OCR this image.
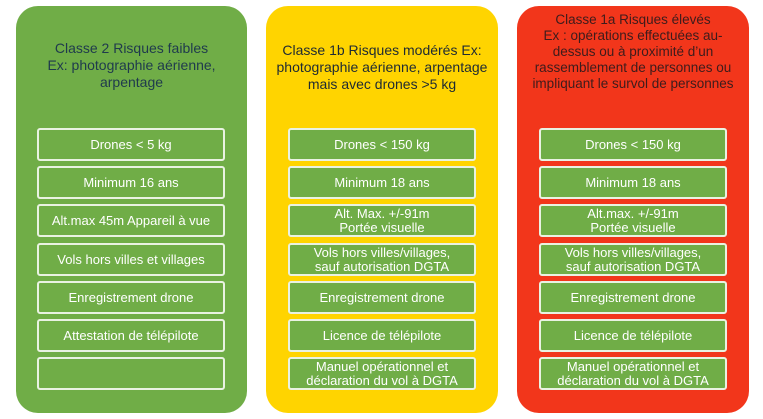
Classe 2 Risques faibles
Ex: photographie aérienne,
arpentage
Drones < 5 kg
Minimum 16 ans
Alt.max 45m Appareil à vue
Vols hors villes et villages
Enregistrement drone
Attestation de télépilote
Classe 1b Risques modérés Ex:
photographie aérienne, arpentage
mais avec drones >5 kg
Drones < 150 kg
Minimum 18 ans
Alt. Max. +/-91m
Portée visuelle
Vols hors villes/villages,
sauf autorisation DGTA
Enregistrement drone
Licence de télépilote
Manuel opérationnel et
déclaration du vol à DGTA
Classe 1a Risques élevés
Ex : opérations effectuées au-
dessus ou à proximité d’un
rassemblement de personnes ou
impliquant le survol de personnes
Drones < 150 kg
Minimum 18 ans
Alt.max. +/-91m
Portée visuelle
Vols hors villes/villages,
sauf autorisation DGTA
Enregistrement drone
Licence de télépilote
Manuel opérationnel et
déclaration du vol à DGTA
